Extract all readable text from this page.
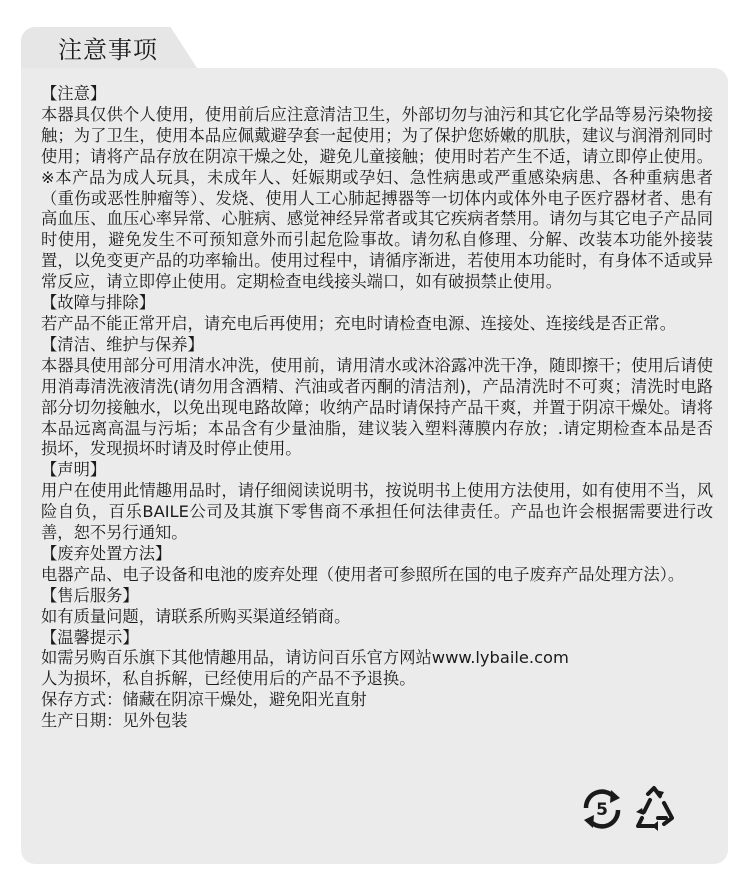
注意事项

【注意】

本器具仅供个人使用，使用前后应注意清洁卫生，外部切勿与油污和其它化学品等易污染物接触；为了卫生，使用本品应佩戴避孕套一起使用；为了保护您娇嫩的肌肤，建议与润滑剂同时使用；请将产品存放在阴凉干燥之处，避免儿童接触；使用时若产生不适，请立即停止使用。※本产品为成人玩具，未成年人、妊娠期或孕妇、急性病患或严重感染病患、各种重病患者（重伤或恶性肿瘤等）、发烧、使用人工心肺起搏器等一切体内或体外电子医疗器材者、患有高血压、血压心率异常、心脏病、感觉神经异常者或其它疾病者禁用。请勿与其它电子产品同时使用，避免发生不可预知意外而引起危险事故。请勿私自修理、分解、改装本功能外接装置，以免变更产品的功率输出。使用过程中，请循序渐进，若使用本功能时，有身体不适或异常反应，请立即停止使用。定期检查电线接头端口，如有破损禁止使用。

【故障与排除】

若产品不能正常开启，请充电后再使用；充电时请检查电源、连接处、连接线是否正常。

【清洁、维护与保养】

本器具使用部分可用清水冲洗，使用前，请用清水或沐浴露冲洗干净，随即擦干；使用后请使用消毒清洗液清洗(请勿用含酒精、汽油或者丙酮的清洁剂)，产品清洗时不可爽；清洗时电路部分切勿接触水，以免出现电路故障；收纳产品时请保持产品干爽，并置于阴凉干燥处。请将本品远离高温与污垢；本品含有少量油脂，建议装入塑料薄膜内存放；.请定期检查本品是否损坏，发现损坏时请及时停止使用。

【声明】

用户在使用此情趣用品时，请仔细阅读说明书，按说明书上使用方法使用，如有使用不当，风险自负，百乐BAILE公司及其旗下零售商不承担任何法律责任。产品也许会根据需要进行改善，恕不另行通知。

【废弃处置方法】

电器产品、电子设备和电池的废弃处理（使用者可参照所在国的电子废弃产品处理方法）。

【售后服务】

如有质量问题，请联系所购买渠道经销商。

【温馨提示】

如需另购百乐旗下其他情趣用品，请访问百乐官方网站www.lybaile.com

人为损坏，私自拆解，已经使用后的产品不予退换。

保存方式：储藏在阴凉干燥处，避免阳光直射

生产日期：见外包装

5
